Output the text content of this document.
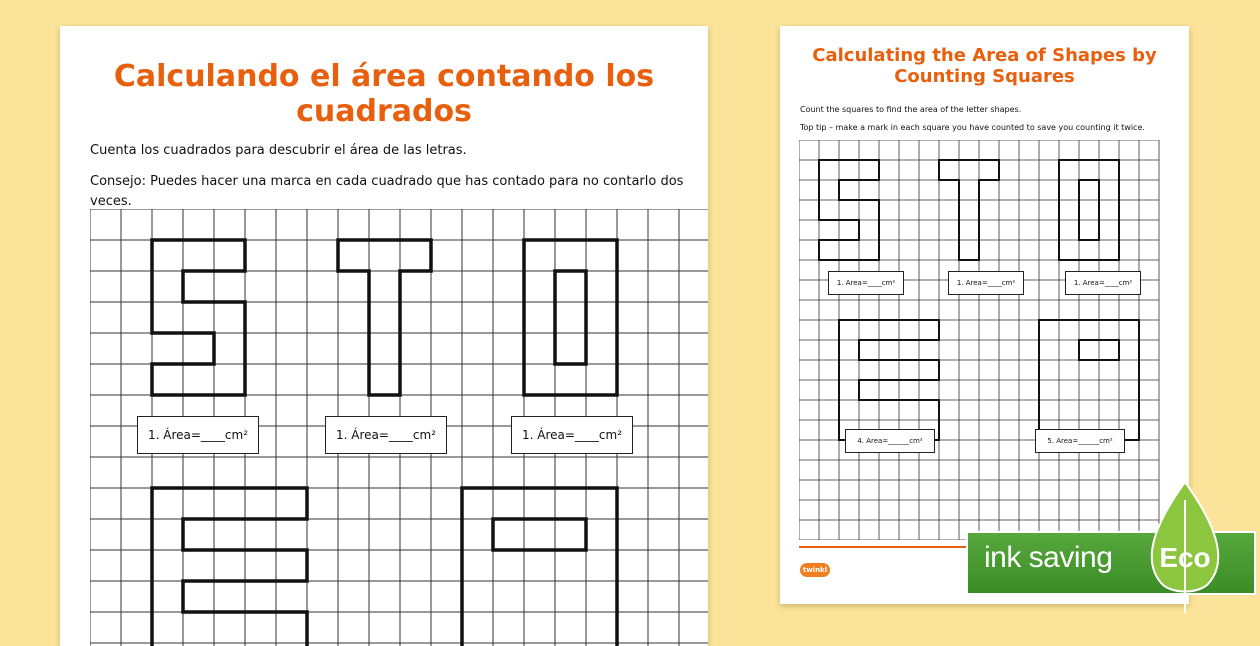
Calculando el área contando los cuadrados

Cuenta los cuadrados para descubrir el área de las letras.

Consejo: Puedes hacer una marca en cada cuadrado que has contado para no contarlo dos veces.

1. Área=____cm²	1. Área=____cm²	1. Área=____cm²
Calculating the Area of Shapes by Counting Squares

Count the squares to find the area of the letter shapes.

Top tip – make a mark in each square you have counted to save you counting it twice.

1. Area=____cm²	1. Area=____cm²	1. Area=____cm²
4. Area=______cm²	5. Area=______cm²
twinkl	ink saving	Eco
